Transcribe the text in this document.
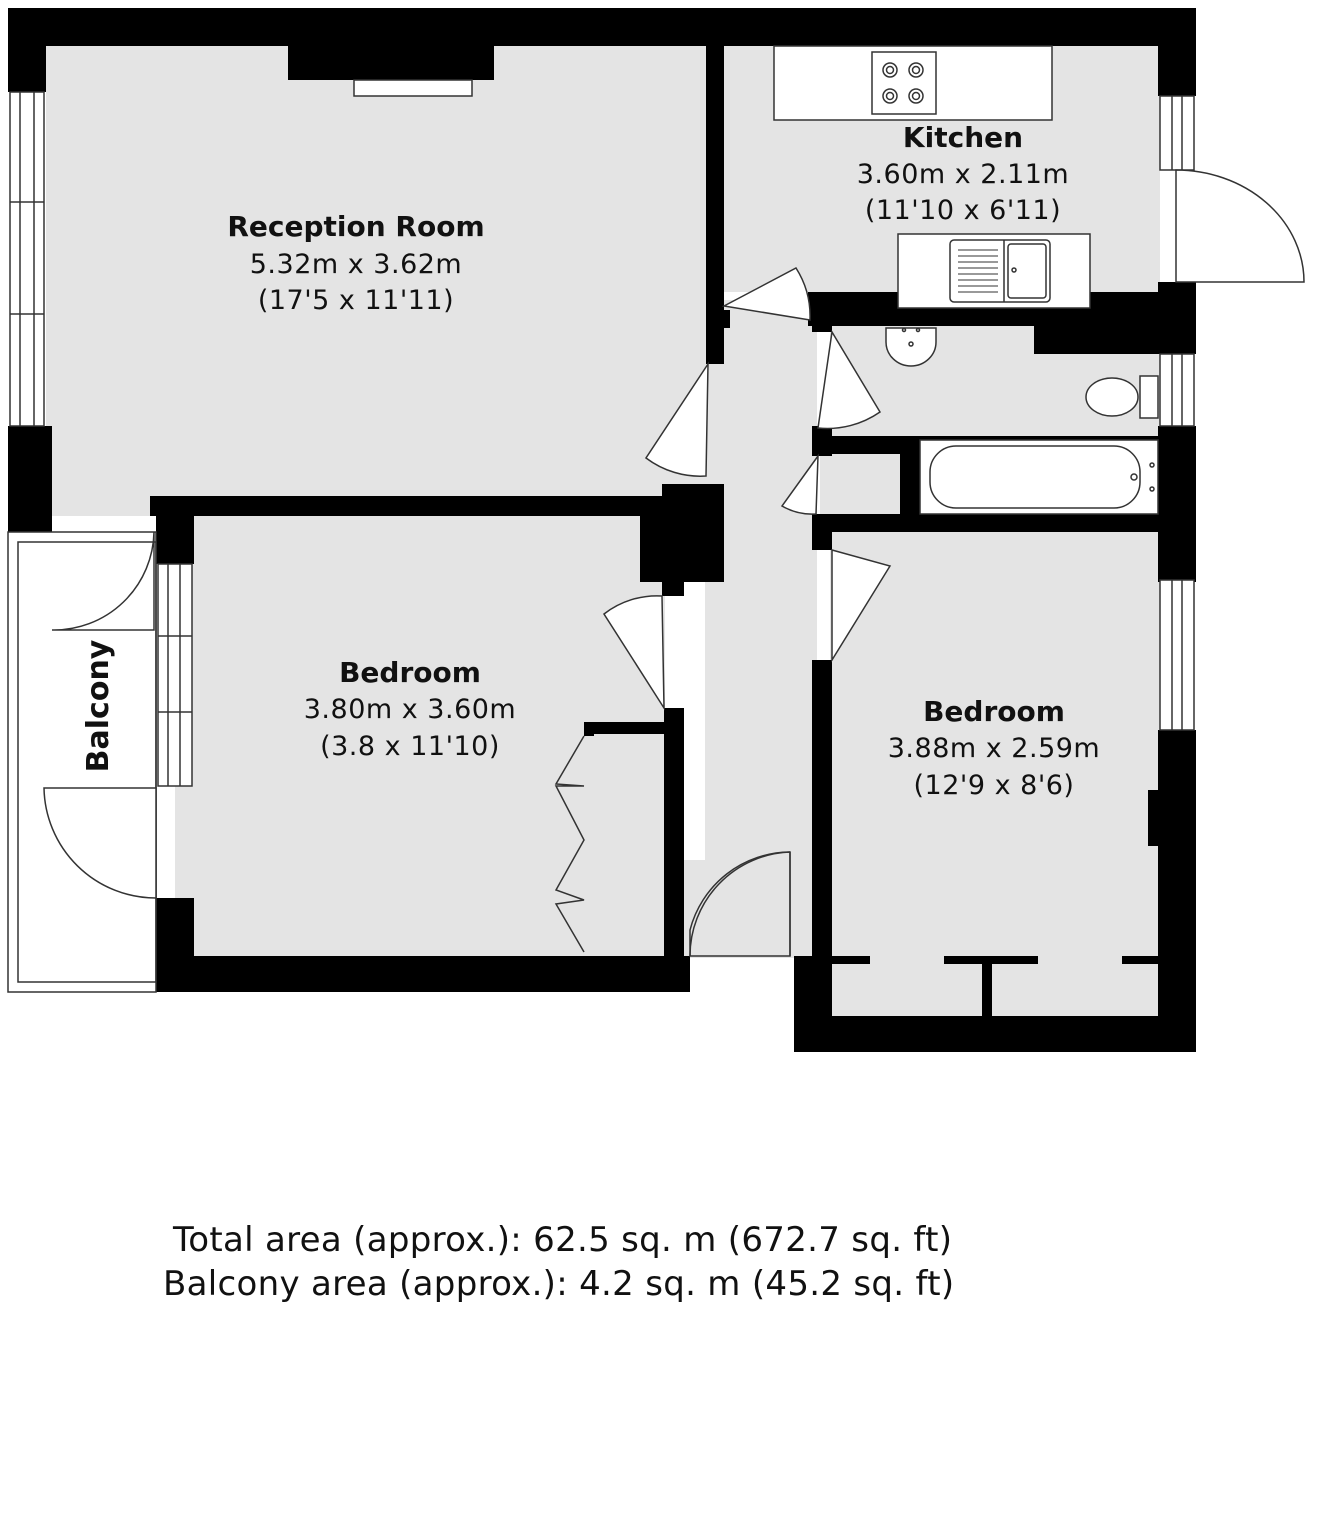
Balcony
Reception Room
5.32m x 3.62m
(17'5 x 11'11)
Kitchen
3.60m x 2.11m
(11'10 x 6'11)
Bedroom
3.80m x 3.60m
(3.8 x 11'10)
Bedroom
3.88m x 2.59m
(12'9 x 8'6)
Total area (approx.): 62.5 sq. m (672.7 sq. ft)
Balcony area (approx.): 4.2 sq. m (45.2 sq. ft)
